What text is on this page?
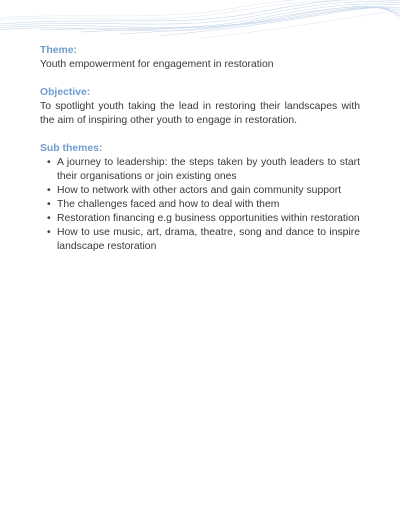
Theme:

Youth empowerment for engagement in restoration

Objective:

To spotlight youth taking the lead in restoring their landscapes with the aim of inspiring other youth to engage in restoration.

Sub themes:

• A journey to leadership: the steps taken by youth leaders to start their organisations or join existing ones
• How to network with other actors and gain community support
• The challenges faced and how to deal with them
• Restoration financing e.g business opportunities within restoration
• How to use music, art, drama, theatre, song and dance to inspire landscape restoration
